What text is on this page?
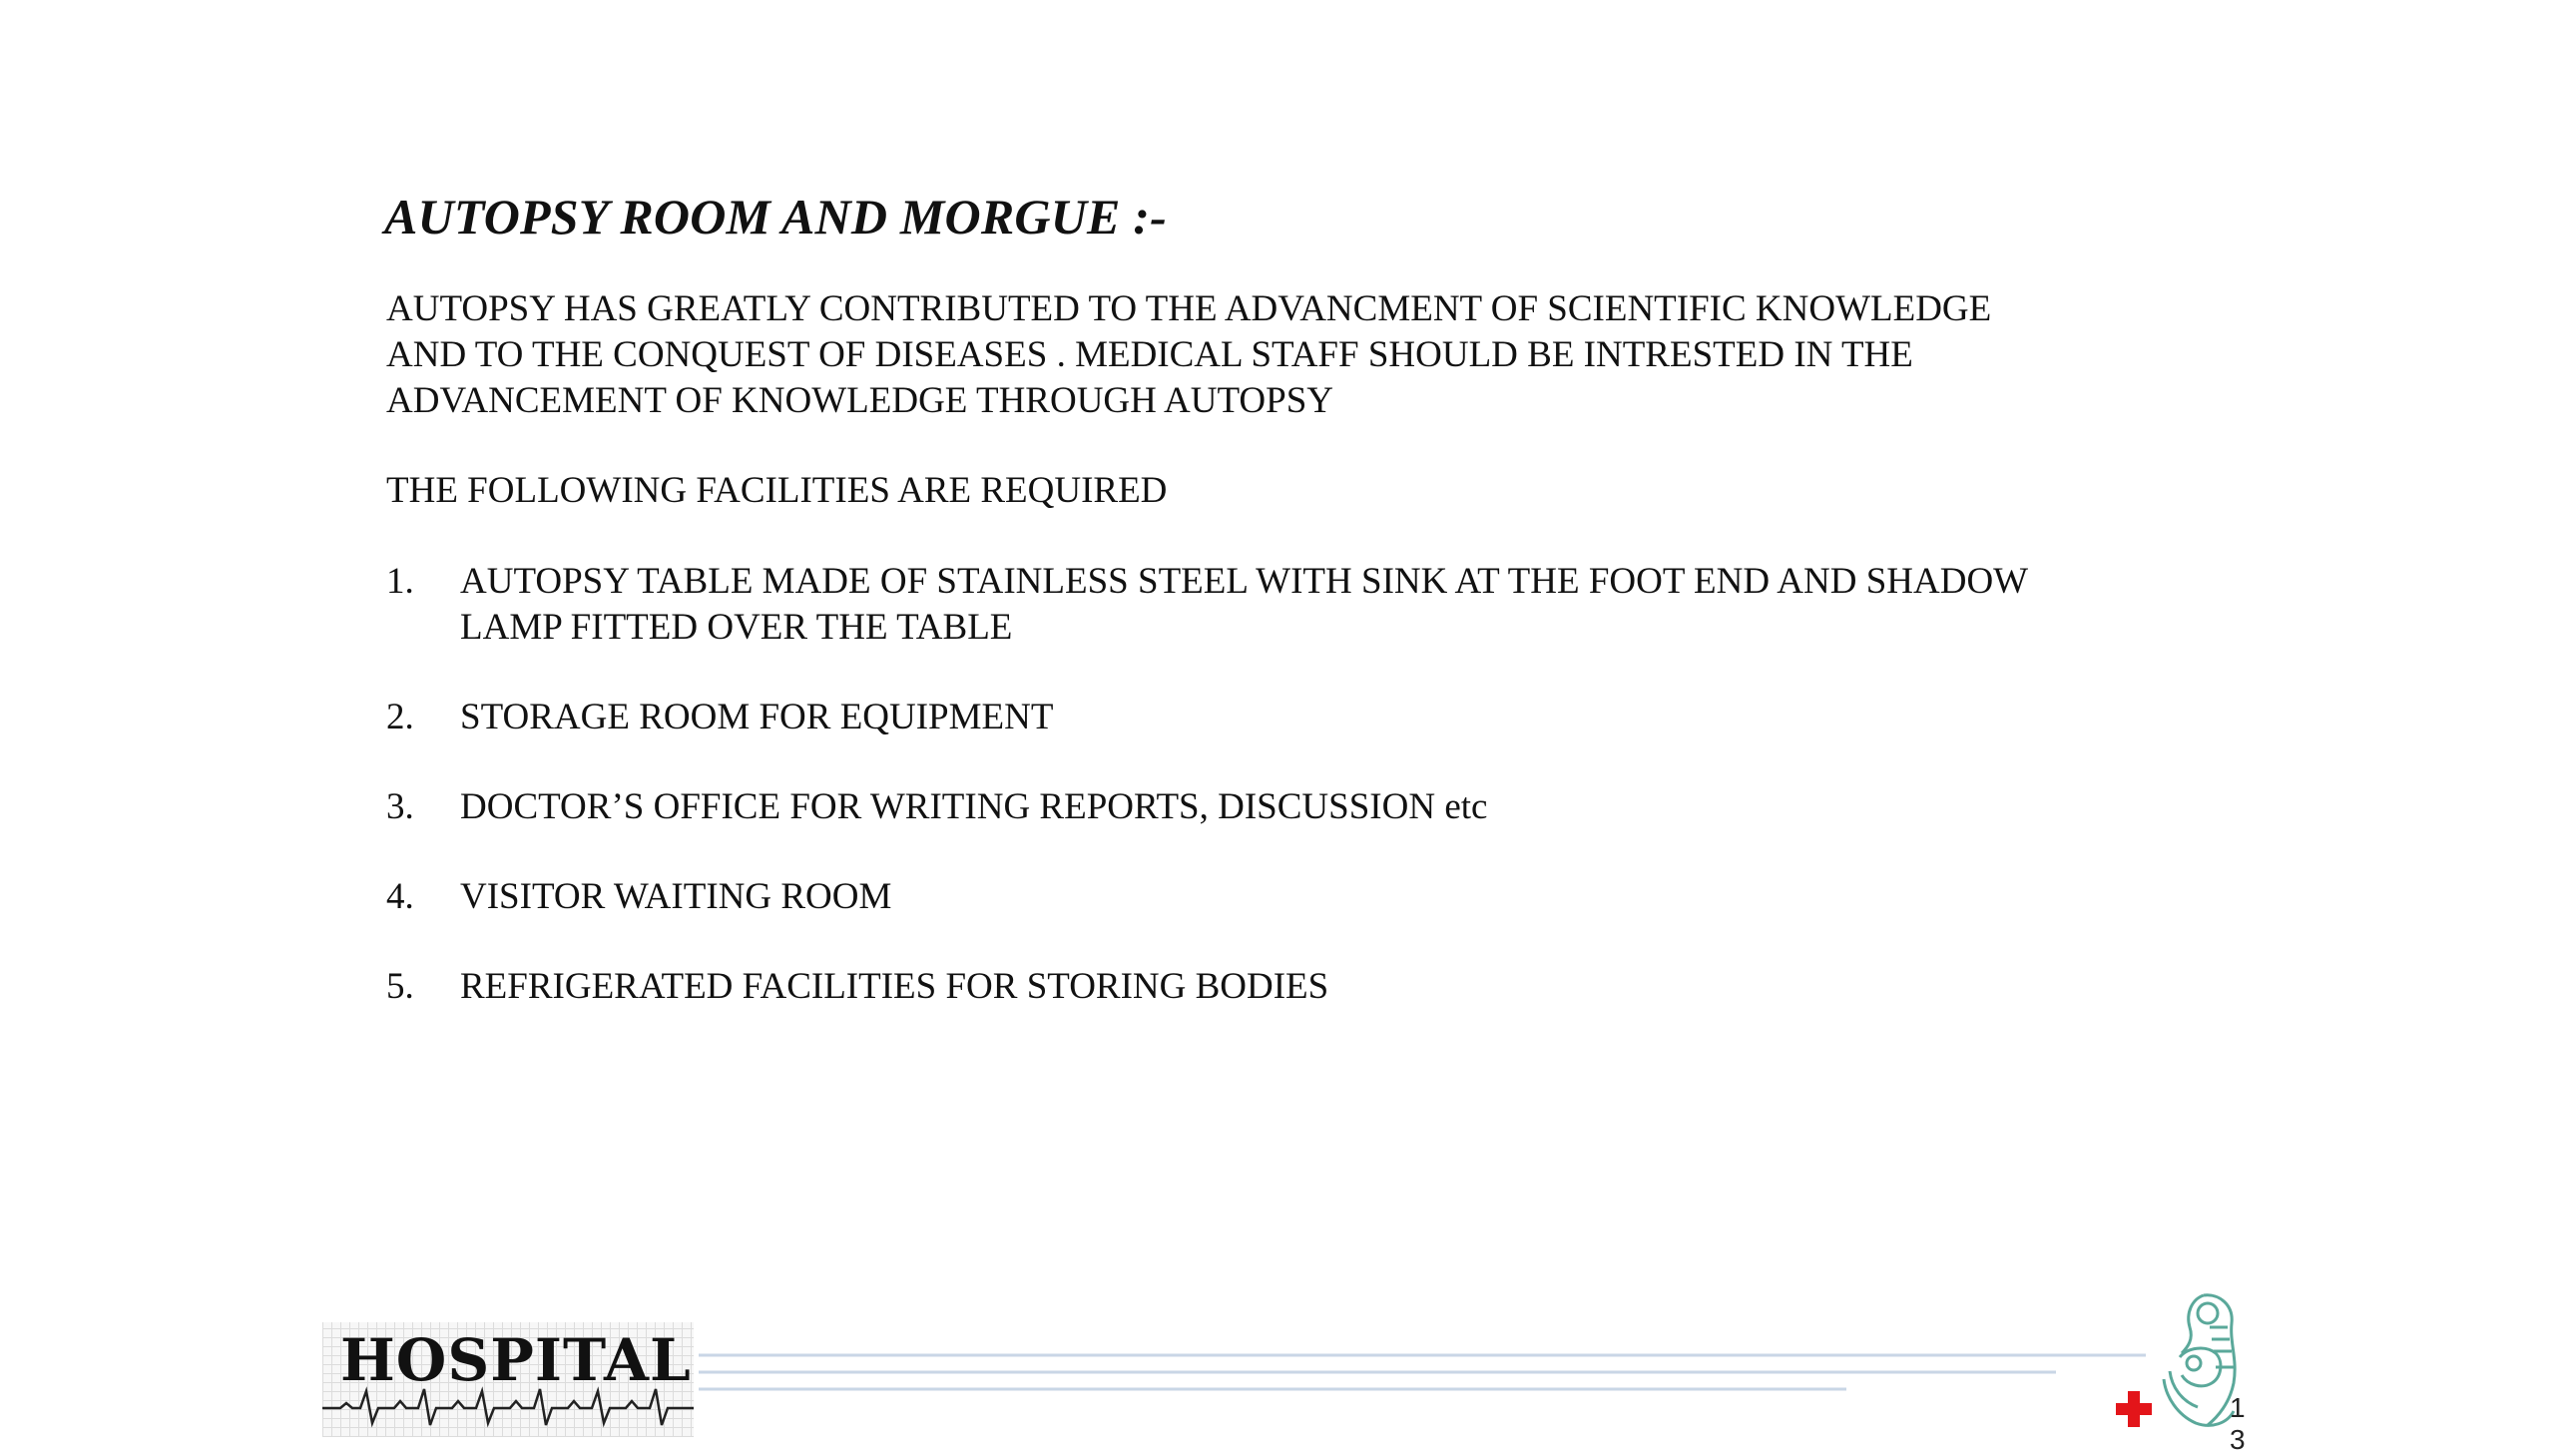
AUTOPSY ROOM AND MORGUE :-

AUTOPSY HAS GREATLY CONTRIBUTED TO THE ADVANCMENT OF SCIENTIFIC KNOWLEDGE
AND TO THE CONQUEST OF DISEASES . MEDICAL STAFF SHOULD BE INTRESTED IN THE
ADVANCEMENT OF KNOWLEDGE THROUGH AUTOPSY

THE FOLLOWING FACILITIES ARE REQUIRED

1.	AUTOPSY TABLE MADE OF STAINLESS STEEL WITH SINK AT THE FOOT END AND SHADOW
LAMP FITTED OVER THE TABLE
2.	STORAGE ROOM FOR EQUIPMENT
3.	DOCTOR’S OFFICE FOR WRITING REPORTS, DISCUSSION etc
4.	VISITOR WAITING ROOM
5.	REFRIGERATED FACILITIES FOR STORING BODIES

HOSPITAL

13
